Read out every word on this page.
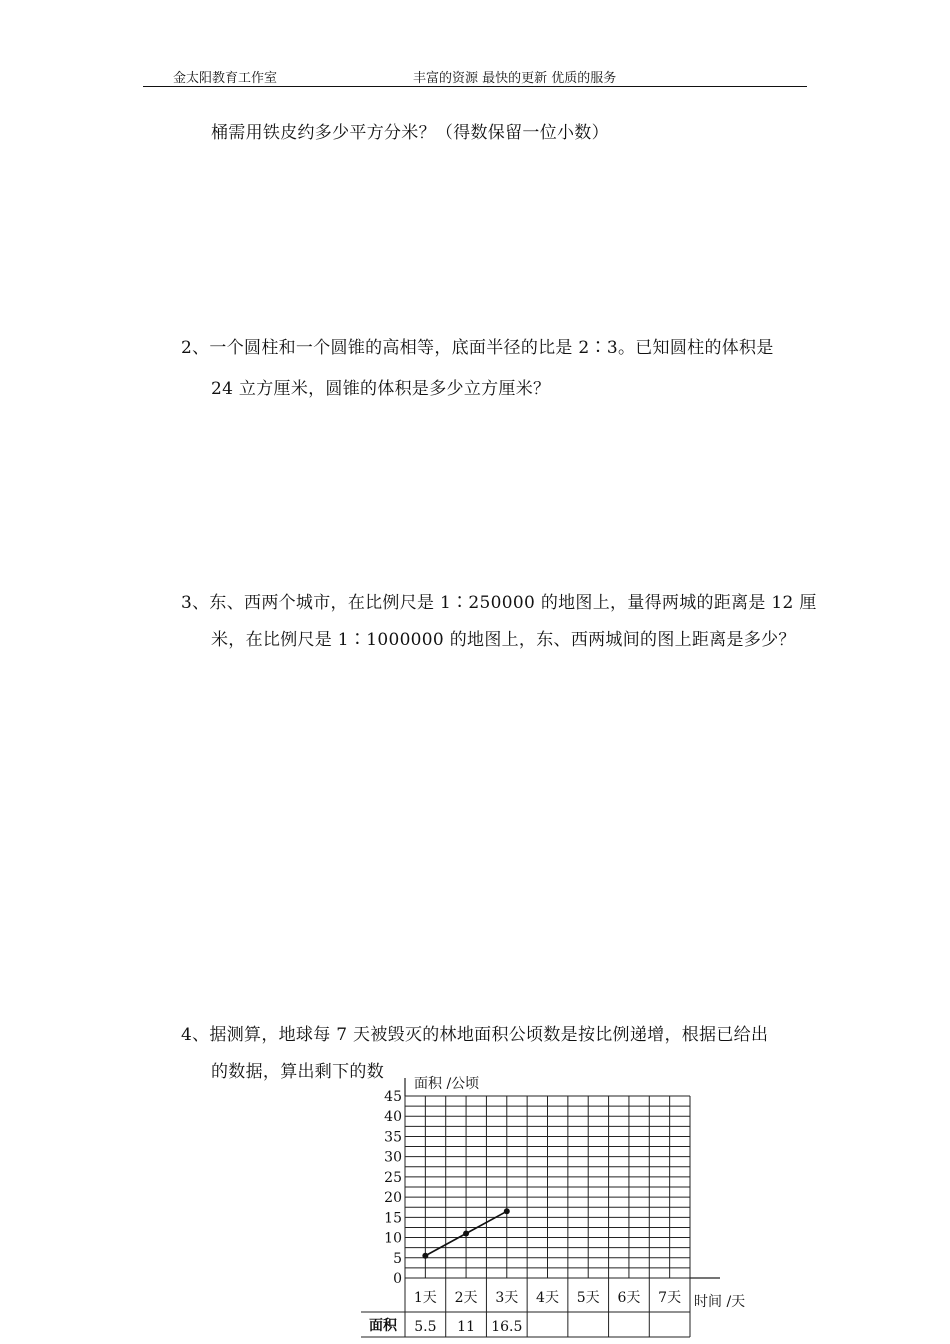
金太阳教育工作室	丰富的资源 最快的更新 优质的服务
桶需用铁皮约多少平方分米？（得数保留一位小数）
2、一个圆柱和一个圆锥的高相等，底面半径的比是 2∶3。已知圆柱的体积是
24 立方厘米，圆锥的体积是多少立方厘米？
3、东、西两个城市，在比例尺是 1∶250000 的地图上，量得两城的距离是 12 厘
米，在比例尺是 1∶1000000 的地图上，东、西两城间的图上距离是多少？
4、据测算，地球每 7 天被毁灭的林地面积公顷数是按比例递增，根据已给出
的数据，算出剩下的数
0
5
10
15
20
25
30
35
40
45
面积 /公顷
时间 /天
1天 2天 3天 4天 5天 6天 7天
面积 5.5 11 16.5
